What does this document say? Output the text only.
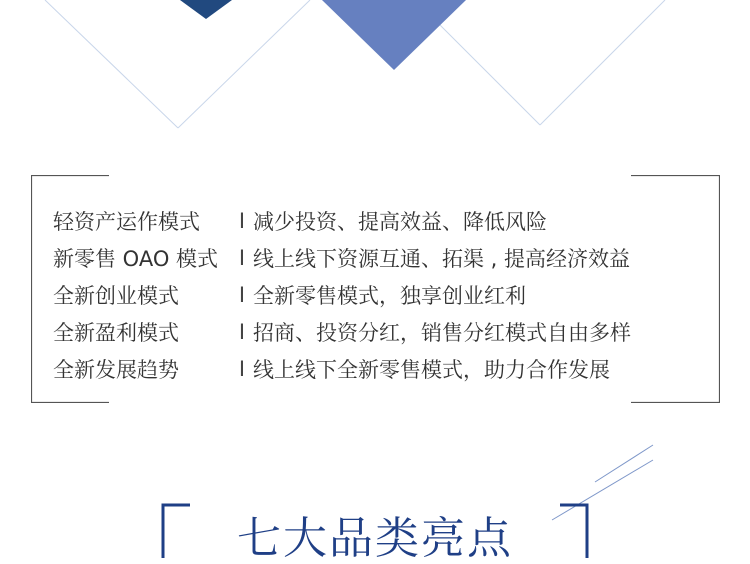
轻资产运作模式	I 减少投资、提高效益、降低风险
新零售 OAO 模式 I 线上线下资源互通、拓渠 , 提高经济效益
全新创业模式	I 全新零售模式，独享创业红利
全新盈利模式	I 招商、投资分红，销售分红模式自由多样
全新发展趋势	I 线上线下全新零售模式，助力合作发展
七大品类亮点
